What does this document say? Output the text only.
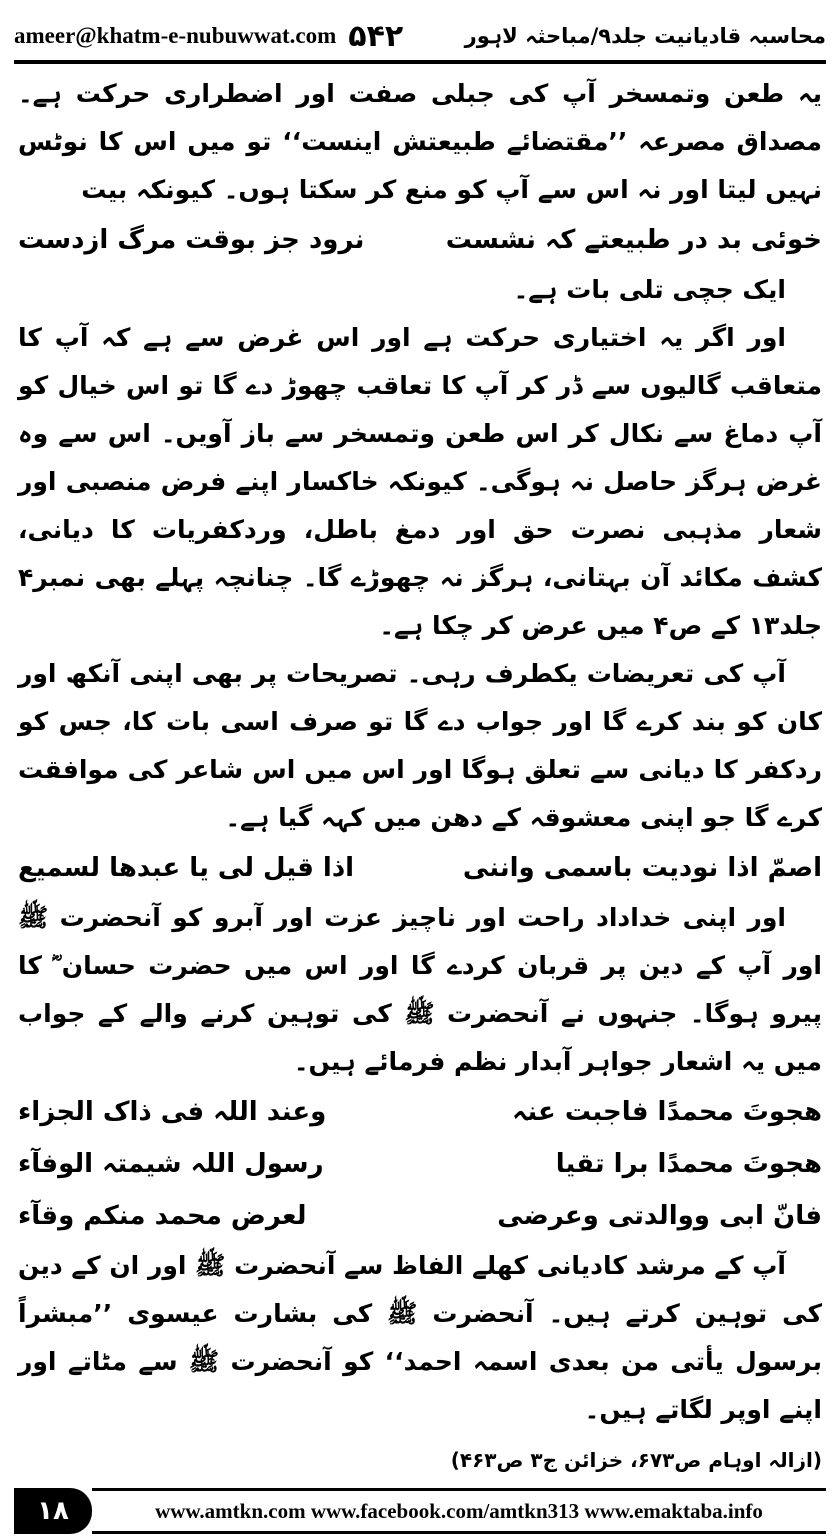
ameer@khatm-e-nubuwwat.com ۵۴۲	محاسبہ قادیانیت جلد۹/مباحثہ لاہور

یہ طعن وتمسخر آپ کی جبلی صفت اور اضطراری حرکت ہے۔ مصداق مصرعہ ’’مقتضائے طبیعتش اینست‘‘ تو میں اس کا نوٹس نہیں لیتا اور نہ اس سے آپ کو منع کر سکتا ہوں۔ کیونکہ بیت

خوئی بد در طبیعتے کہ نشست
نرود جز بوقت مرگ ازدست

ایک جچی تلی بات ہے۔

اور اگر یہ اختیاری حرکت ہے اور اس غرض سے ہے کہ آپ کا متعاقب گالیوں سے ڈر کر آپ کا تعاقب چھوڑ دے گا تو اس خیال کو آپ دماغ سے نکال کر اس طعن وتمسخر سے باز آویں۔ اس سے وہ غرض ہرگز حاصل نہ ہوگی۔ کیونکہ خاکسار اپنے فرض منصبی اور شعار مذہبی نصرت حق اور دمغ باطل، وردکفریات کا دیانی، کشف مکائد آن بہتانی، ہرگز نہ چھوڑے گا۔ چنانچہ پہلے بھی نمبر۴ جلد۱۳ کے ص۴ میں عرض کر چکا ہے۔

آپ کی تعریضات یکطرف رہی۔ تصریحات پر بھی اپنی آنکھ اور کان کو بند کرے گا اور جواب دے گا تو صرف اسی بات کا، جس کو ردکفر کا دیانی سے تعلق ہوگا اور اس میں اس شاعر کی موافقت کرے گا جو اپنی معشوقہ کے دھن میں کہہ گیا ہے۔

اصمّ اذا نودیت باسمی واننی
اذا قیل لی یا عبدھا لسمیع

اور اپنی خداداد راحت اور ناچیز عزت اور آبرو کو آنحضرت ﷺ اور آپ کے دین پر قربان کردے گا اور اس میں حضرت حسان ؓ کا پیرو ہوگا۔ جنہوں نے آنحضرت ﷺ کی توہین کرنے والے کے جواب میں یہ اشعار جواہر آبدار نظم فرمائے ہیں۔

ھجوتَ محمدًا فاجبت عنہ
وعند اللہ فی ذاک الجزاء
ھجوتَ محمدًا برا تقیا
رسول اللہ شیمتہ الوفآء
فانّ ابی ووالدتی وعرضی
لعرض محمد منکم وقآء

آپ کے مرشد کادیانی کھلے الفاظ سے آنحضرت ﷺ اور ان کے دین کی توہین کرتے ہیں۔ آنحضرت ﷺ کی بشارت عیسوی ’’مبشراً برسول یأتی من بعدی اسمہ احمد‘‘ کو آنحضرت ﷺ سے مٹاتے اور اپنے اوپر لگاتے ہیں۔

(ازالہ اوہام ص۶۷۳، خزائن ج۳ ص۴۶۳)

۱۸	www.amtkn.com www.facebook.com/amtkn313 www.emaktaba.info
